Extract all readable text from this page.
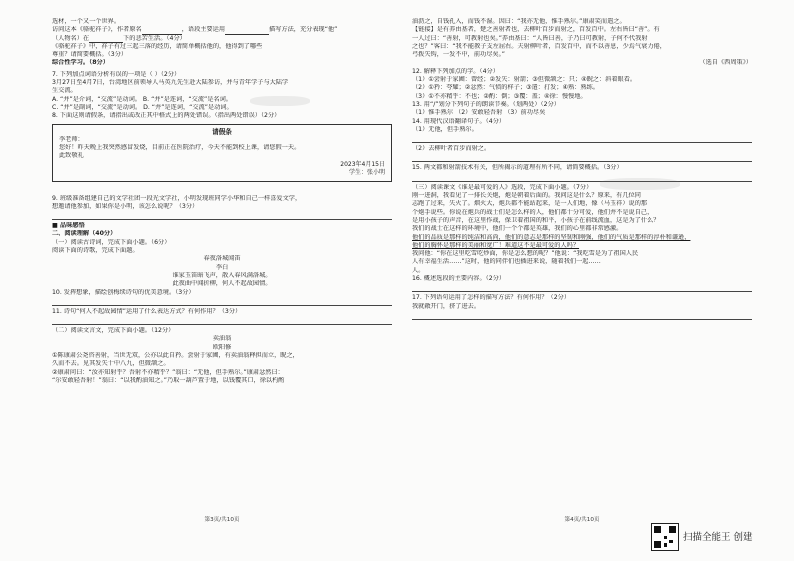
选材，一个又一个世界。
访问这本《骆驼祥子》，作者原名	，语段主要运用	描写方法，充分表现“他”
（人物名）在	下的悲苦生活。（4分）
《骆驼祥子》中，祥子有过三起三落的经历，请简单概括他的，他得到了哪些
尊重？请简要概括。（3分）
综合性学习。（8分）
7. 下列加点词语分析有误的一项是（ ）（2分）
3月27日至4月7日，台湾地区前领导人马英九先生赴大陆参访，并与青年学子与大陆学
生交流。
A. “并”是介词，“交流”是动词。 B. “并”是连词，“交流”是名词。
C. “并”是副词，“交流”是动词。 D. “并”是连词，“交流”是动词。
8. 下面这则请假条，请指出或改正其中格式上的两处错误。（指出两处错误）（2分）
请假条
李老师：
您好！昨天晚上我突然感冒发烧，目前正在医院治疗，今天不能到校上课，请您假一天。
此致敬礼
2023年4月15日
学生：张小明
9. 班级准备组建自己的文学社团一段光文学社，小明发现班同学小华和自己一样喜爱文学，
想邀请他参加，如果你是小明，该怎么说呢？（3分）
■ 品味感悟
二、阅读理解（40分）
（一）阅读古诗词，完成下面小题。（6分）
阅读下面的诗歌，完成下面题。
春夜洛城闻笛
李白
谁家玉笛暗飞声，散入春风满洛城。
此夜曲中闻折柳，何人不起故园情。
10. 发挥想象，描绘创梅续诗句的优美意境。（3分）
11. 诗句“何人不起故园情”运用了什么表达方式？有何作用？（3分）
（二）阅读文言文，完成下面小题。（12分）
卖油翁
欧阳修
①陈康肃公尧咨善射，当世无双，公亦以此自矜。尝射于家圃，有卖油翁释担而立，睨之，
久而不去。见其发矢十中八九，但微颔之。
②康肃问曰：“汝亦知射乎？吾射不亦精乎？”翁曰：“无他，但手熟尔。”康肃忿然曰：
“尔安敢轻吾射！”翁曰：“以我酌油知之。”乃取一葫芦置于地，以钱覆其口，徐以杓酌
第3页/共10页
油沥之，自钱孔入，而钱不湿。因曰：“我亦无他，惟手熟尔。”康肃笑而遣之。
【链接】是有养由基者，楚之善射者也，去柳叶百步而射之，百发百中。左右皆曰“善”。有
一人过曰：“善射，可教射也矣。”养由基曰：“人皆曰善，子乃曰可教射，子何不代我射
之也？”客曰：“我不能教子支左屈右。夫射柳叶者，百发百中，而不以善息，少焉气衰力倦，
弓拨矢钩，一发不中，前功尽矣。”
（选自《西周策》）
12. 解释下列加点的字。（4分）
（1）①尝射于家圃：曾经；②发矢：射箭；③但微颔之：只；④睨之：斜着眼看。
（2）①矜：夸耀；②忿然：气愤的样子；③遣：打发；④熟：熟练。
（3）①不亦精乎：不也；②酌：倒；③覆：盖；④徐：慢慢地。
13. 用“/”划分下列句子的朗读节奏。（划两处）（2分）
（1）惟手熟尔 （2）安敢轻吾射 （3）前功尽矣
14. 用现代汉语翻译句子。（4分）
（1）无他，但手熟尔。
（2）去柳叶者百步而射之。
15. 两文都和射箭技术有关，但所揭示的道理有所不同，请简要概括。（3分）
（三）阅读课文《谁是最可爱的人》选段，完成下面小题。（7分）
刚一进洞，我看见了一排长关炮，炮是朝着后面的。我问这是什么？原来，有几位同
志跑了过来，失火了。烟火大，炮兵都不能站起来，是一人们地，像（马玉祥）说的那
个炮手说些。你说在炮兵的战士们是怎么样的人，他们都十分可爱，他们并不是说自己，
是用小孩子的声音，在这里作战，保卫着祖国的和平，小孩子在前线流血，这是为了什么？
我们的战士在这样的环境中，他们一个个都是英雄，我们的心里都非常感激。
他们的品质是那样的纯洁和高尚，他们的意志是那样的坚韧和刚强，他们的气质是那样的淳朴和谦逊，
他们的胸怀是那样的美丽和宽广！难道这不是最可爱的人吗？
我问他：“你在这里吃雪吃炒面，你是怎么想的呢？”他说：“我吃雪是为了祖国人民
人有幸福生活……”这时，他的同伴们也插进来说，随着我们一起……
人。
16. 概述选段的主要内容。（2分）
17. 下列语句运用了怎样的描写方法？有何作用？（2分）
我就敞开门，挤了进去。
第4页/共10页
扫描全能王 创建
